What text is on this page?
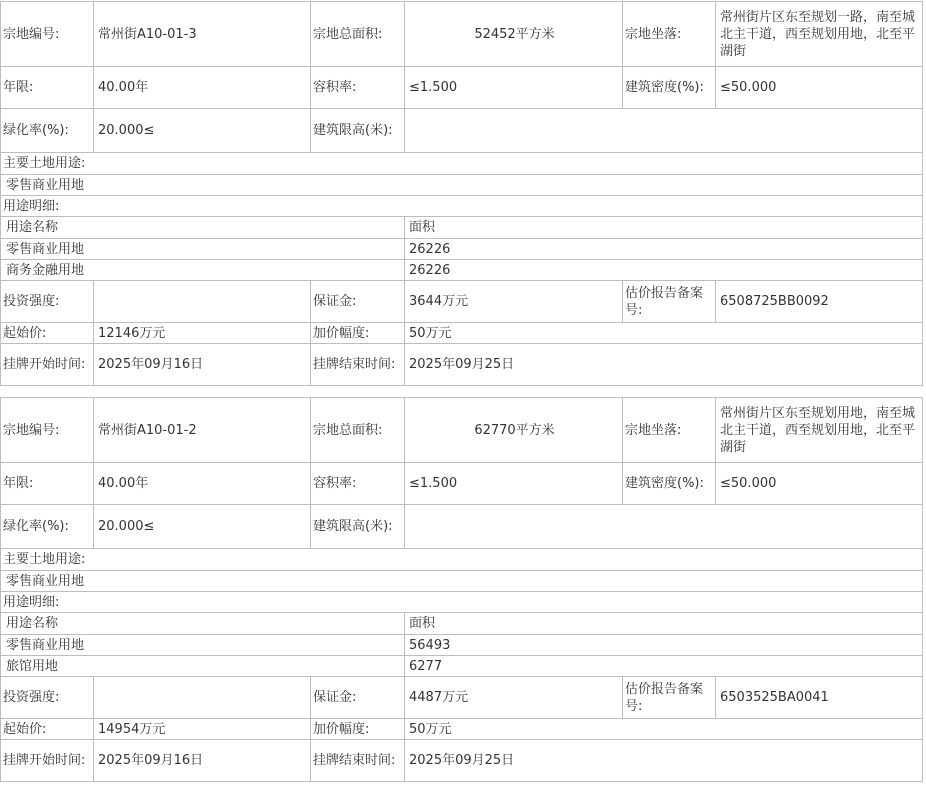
宗地编号:	常州街A10-01-3	宗地总面积:	52452平方米	宗地坐落:	常州街片区东至规划一路，南至城北主干道，西至规划用地，北至平湖街
年限:	40.00年	容积率:	≤1.500	建筑密度(%):	≤50.000
绿化率(%):	20.000≤	建筑限高(米):			
主要土地用途:					
零售商业用地					
用途明细:					
用途名称			面积		
零售商业用地			26226		
商务金融用地			26226		
投资强度:		保证金:	3644万元	估价报告备案号:	6508725BB0092
起始价:	12146万元	加价幅度:	50万元		
挂牌开始时间:	2025年09月16日	挂牌结束时间:	2025年09月25日		
宗地编号:	常州街A10-01-2	宗地总面积:	62770平方米	宗地坐落:	常州街片区东至规划用地，南至城北主干道，西至规划用地，北至平湖街
年限:	40.00年	容积率:	≤1.500	建筑密度(%):	≤50.000
绿化率(%):	20.000≤	建筑限高(米):			
主要土地用途:					
零售商业用地					
用途明细:					
用途名称			面积		
零售商业用地			56493		
旅馆用地			6277		
投资强度:		保证金:	4487万元	估价报告备案号:	6503525BA0041
起始价:	14954万元	加价幅度:	50万元		
挂牌开始时间:	2025年09月16日	挂牌结束时间:	2025年09月25日		
